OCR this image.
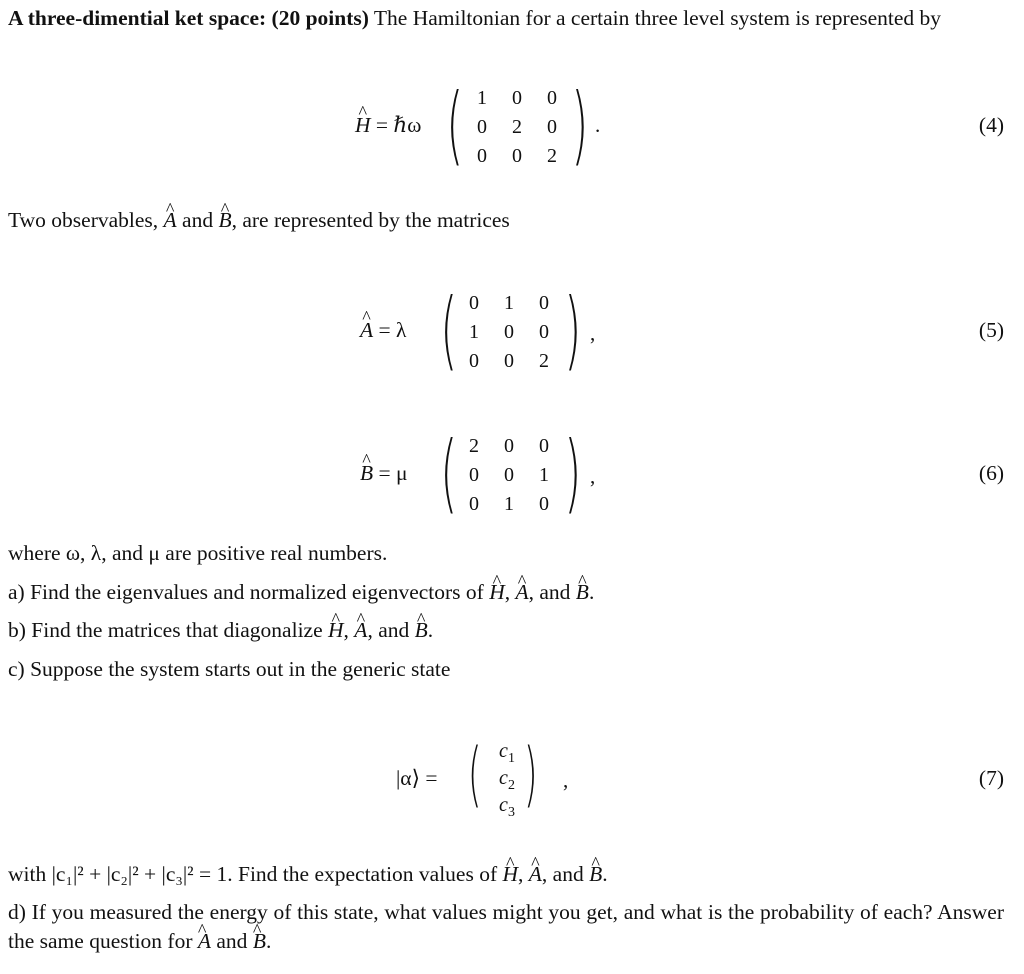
A three-dimential ket space: (20 points) The Hamiltonian for a certain three level system is represented by
^ H = ℏω ( 1	0	0
0	2	0
0	0	2 ) .	(4)
Two observables, ^ A and ^ B, are represented by the matrices
^ A = λ ( 0	1	0
1	0	0
0	0	2 ) ,	(5)
^ B = μ ( 2	0	0
0	0	1
0	1	0 ) ,	(6)
where ω, λ, and μ are positive real numbers.
a) Find the eigenvalues and normalized eigenvectors of ^ H, ^ A, and ^ B.
b) Find the matrices that diagonalize ^ H, ^ A, and ^ B.
c) Suppose the system starts out in the generic state
|α⟩ = ( $c_1$
$c_2$
$c_3$ ) ,	(7)
with |c₁|² + |c₂|² + |c₃|² = 1. Find the expectation values of ^ H, ^ A, and ^ B.
d) If you measured the energy of this state, what values might you get, and what is the probability of each? Answer the same question for ^ A and ^ B.
